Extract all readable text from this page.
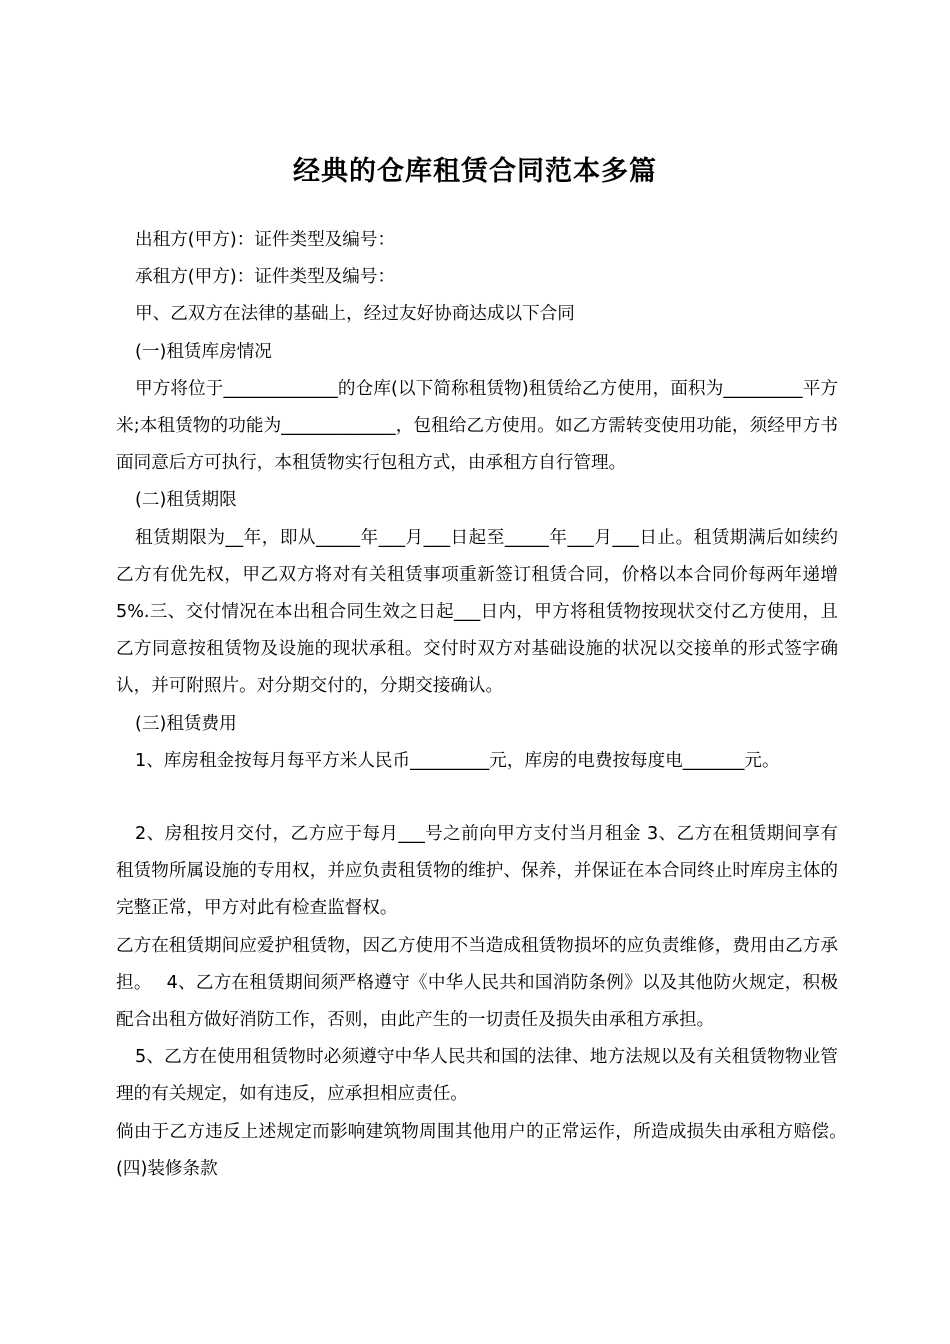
经典的仓库租赁合同范本多篇

出租方(甲方)：证件类型及编号：

承租方(甲方)：证件类型及编号：

甲、乙双方在法律的基础上，经过友好协商达成以下合同

(一)租赁库房情况

甲方将位于_____________的仓库(以下简称租赁物)租赁给乙方使用，面积为_________平方米;本租赁物的功能为_____________，包租给乙方使用。如乙方需转变使用功能，须经甲方书面同意后方可执行，本租赁物实行包租方式，由承租方自行管理。

(二)租赁期限

租赁期限为__年，即从_____年___月___日起至_____年___月___日止。租赁期满后如续约乙方有优先权，甲乙双方将对有关租赁事项重新签订租赁合同，价格以本合同价每两年递增5%.三、交付情况在本出租合同生效之日起___日内，甲方将租赁物按现状交付乙方使用，且乙方同意按租赁物及设施的现状承租。交付时双方对基础设施的状况以交接单的形式签字确认，并可附照片。对分期交付的，分期交接确认。

(三)租赁费用

1、库房租金按每月每平方米人民币_________元，库房的电费按每度电_______元。

2、房租按月交付，乙方应于每月___号之前向甲方支付当月租金 3、乙方在租赁期间享有租赁物所属设施的专用权，并应负责租赁物的维护、保养，并保证在本合同终止时库房主体的完整正常，甲方对此有检查监督权。

乙方在租赁期间应爱护租赁物，因乙方使用不当造成租赁物损坏的应负责维修，费用由乙方承担。　 4、乙方在租赁期间须严格遵守《中华人民共和国消防条例》以及其他防火规定，积极配合出租方做好消防工作，否则，由此产生的一切责任及损失由承租方承担。

5、乙方在使用租赁物时必须遵守中华人民共和国的法律、地方法规以及有关租赁物物业管理的有关规定，如有违反，应承担相应责任。

倘由于乙方违反上述规定而影响建筑物周围其他用户的正常运作，所造成损失由承租方赔偿。　 (四)装修条款
